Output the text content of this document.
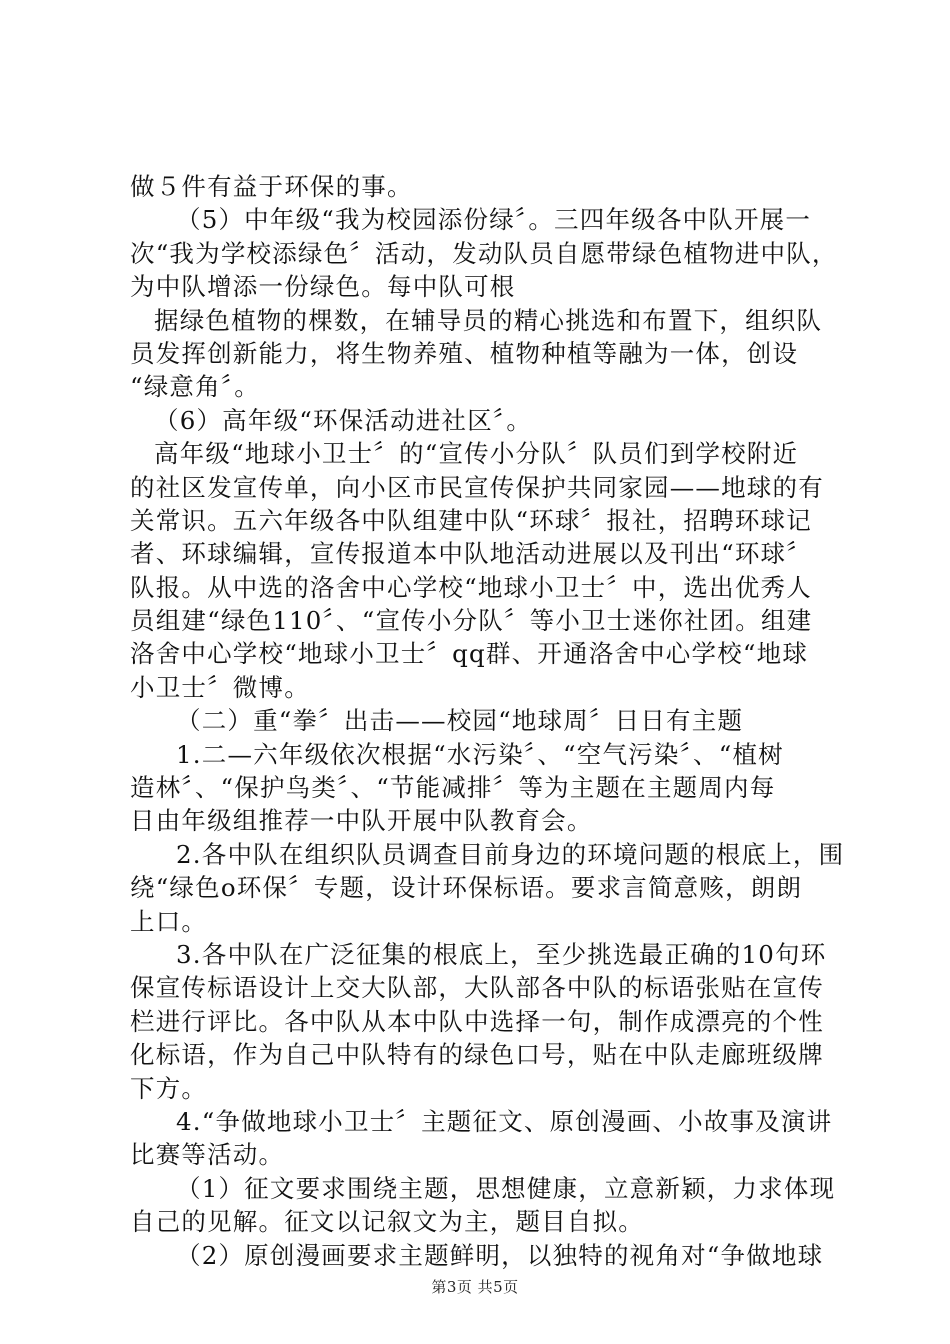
做５件有益于环保的事。
（5）中年级“我为校园添份绿〞。三四年级各中队开展一
次“我为学校添绿色〞活动，发动队员自愿带绿色植物进中队，
为中队增添一份绿色。每中队可根
据绿色植物的棵数，在辅导员的精心挑选和布置下，组织队
员发挥创新能力，将生物养殖、植物种植等融为一体，创设
“绿意角〞。
（6）高年级“环保活动进社区〞。
高年级“地球小卫士〞的“宣传小分队〞队员们到学校附近
的社区发宣传单，向小区市民宣传保护共同家园——地球的有
关常识。五六年级各中队组建中队“环球〞报社，招聘环球记
者、环球编辑，宣传报道本中队地活动进展以及刊出“环球〞
队报。从中选的洛舍中心学校“地球小卫士〞中，选出优秀人
员组建“绿色110〞、“宣传小分队〞等小卫士迷你社团。组建
洛舍中心学校“地球小卫士〞qq群、开通洛舍中心学校“地球
小卫士〞微博。
（二）重“拳〞出击——校园“地球周〞日日有主题
1.二—六年级依次根据“水污染〞、“空气污染〞、“植树
造林〞、“保护鸟类〞、“节能减排〞等为主题在主题周内每
日由年级组推荐一中队开展中队教育会。
2.各中队在组织队员调查目前身边的环境问题的根底上，围
绕“绿色o环保〞专题，设计环保标语。要求言简意赅，朗朗
上口。
3.各中队在广泛征集的根底上，至少挑选最正确的10句环
保宣传标语设计上交大队部，大队部各中队的标语张贴在宣传
栏进行评比。各中队从本中队中选择一句，制作成漂亮的个性
化标语，作为自己中队特有的绿色口号，贴在中队走廊班级牌
下方。
4.“争做地球小卫士〞主题征文、原创漫画、小故事及演讲
比赛等活动。
（1）征文要求围绕主题，思想健康，立意新颖，力求体现
自己的见解。征文以记叙文为主，题目自拟。
（2）原创漫画要求主题鲜明，以独特的视角对“争做地球
第3页 共5页
